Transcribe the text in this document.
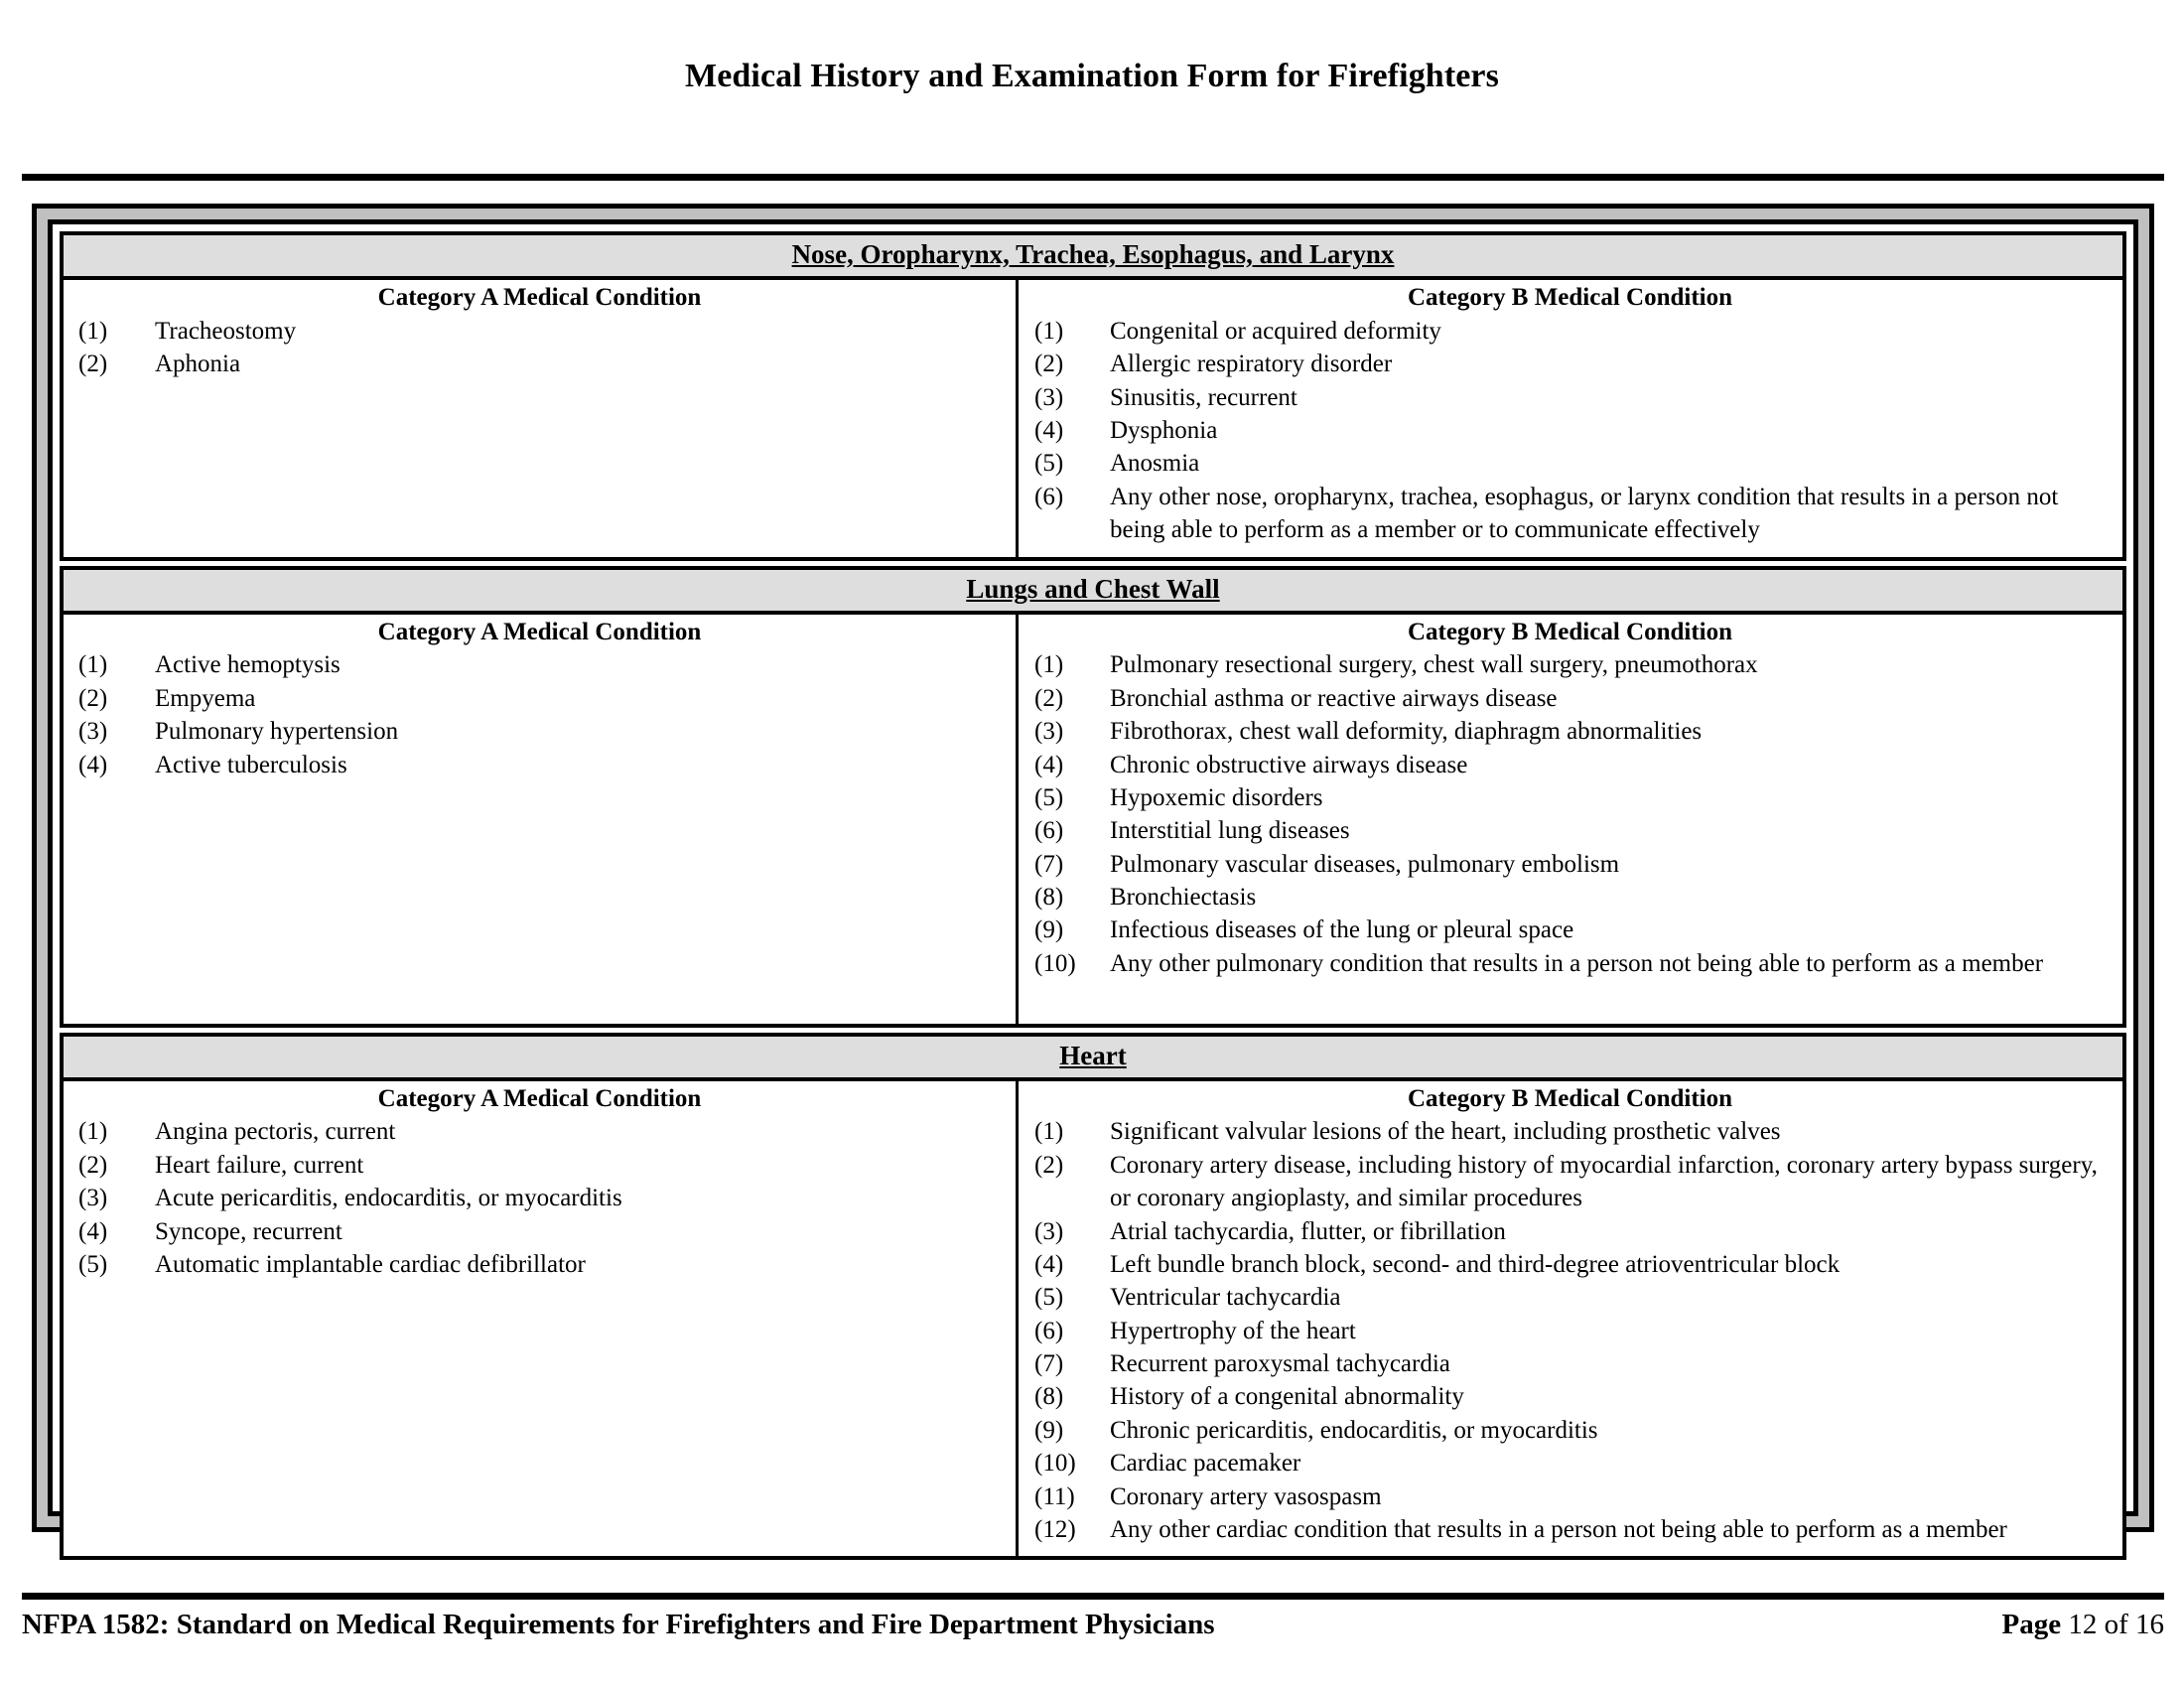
Medical History and Examination Form for Firefighters
Nose, Oropharynx, Trachea, Esophagus, and Larynx
Category A Medical Condition
(1)	Tracheostomy
(2)	Aphonia
Category B Medical Condition
(1)	Congenital or acquired deformity
(2)	Allergic respiratory disorder
(3)	Sinusitis, recurrent
(4)	Dysphonia
(5)	Anosmia
(6)	Any other nose, oropharynx, trachea, esophagus, or larynx condition that results in a person not being able to perform as a member or to communicate effectively
Lungs and Chest Wall
Category A Medical Condition
(1)	Active hemoptysis
(2)	Empyema
(3)	Pulmonary hypertension
(4)	Active tuberculosis
Category B Medical Condition
(1)	Pulmonary resectional surgery, chest wall surgery, pneumothorax
(2)	Bronchial asthma or reactive airways disease
(3)	Fibrothorax, chest wall deformity, diaphragm abnormalities
(4)	Chronic obstructive airways disease
(5)	Hypoxemic disorders
(6)	Interstitial lung diseases
(7)	Pulmonary vascular diseases, pulmonary embolism
(8)	Bronchiectasis
(9)	Infectious diseases of the lung or pleural space
(10)	Any other pulmonary condition that results in a person not being able to perform as a member
Heart
Category A Medical Condition
(1)	Angina pectoris, current
(2)	Heart failure, current
(3)	Acute pericarditis, endocarditis, or myocarditis
(4)	Syncope, recurrent
(5)	Automatic implantable cardiac defibrillator
Category B Medical Condition
(1)	Significant valvular lesions of the heart, including prosthetic valves
(2)	Coronary artery disease, including history of myocardial infarction, coronary artery bypass surgery, or coronary angioplasty, and similar procedures
(3)	Atrial tachycardia, flutter, or fibrillation
(4)	Left bundle branch block, second- and third-degree atrioventricular block
(5)	Ventricular tachycardia
(6)	Hypertrophy of the heart
(7)	Recurrent paroxysmal tachycardia
(8)	History of a congenital abnormality
(9)	Chronic pericarditis, endocarditis, or myocarditis
(10)	Cardiac pacemaker
(11)	Coronary artery vasospasm
(12)	Any other cardiac condition that results in a person not being able to perform as a member
NFPA 1582: Standard on Medical Requirements for Firefighters and Fire Department Physicians	Page 12 of 16
